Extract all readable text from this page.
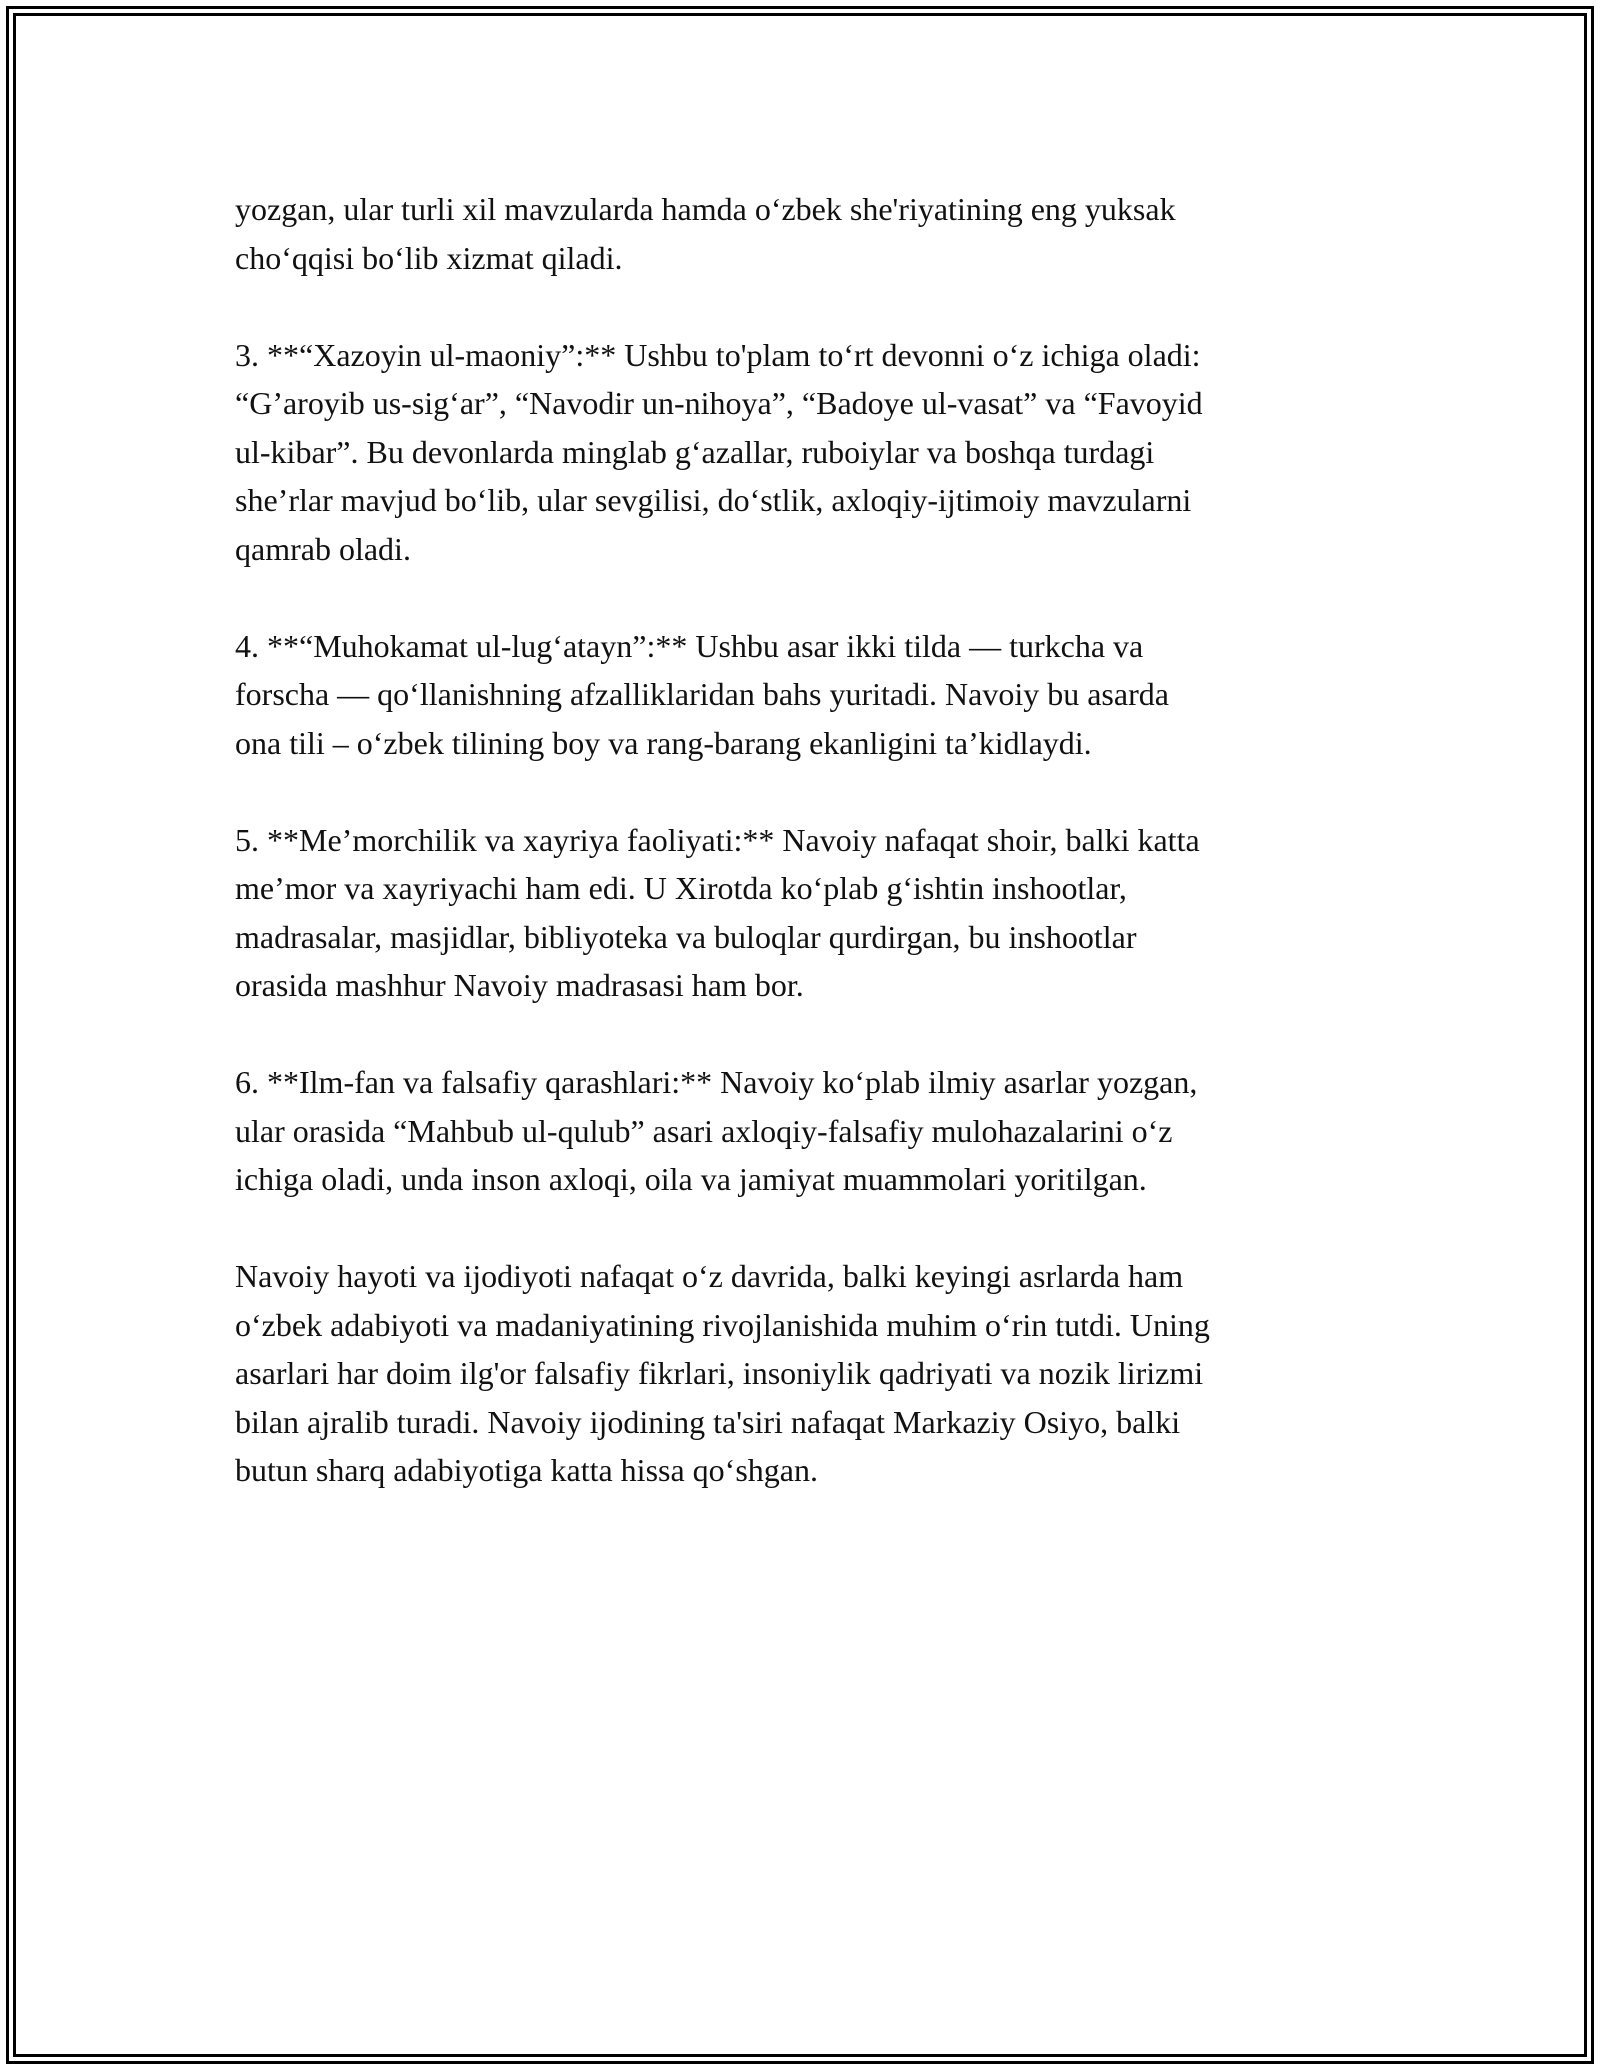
yozgan, ular turli xil mavzularda hamda o‘zbek she'riyatining eng yuksak
cho‘qqisi bo‘lib xizmat qiladi.

3. **“Xazoyin ul-maoniy”:** Ushbu to'plam to‘rt devonni o‘z ichiga oladi:
“G’aroyib us-sig‘ar”, “Navodir un-nihoya”, “Badoye ul-vasat” va “Favoyid
ul-kibar”. Bu devonlarda minglab g‘azallar, ruboiylar va boshqa turdagi
she’rlar mavjud bo‘lib, ular sevgilisi, do‘stlik, axloqiy-ijtimoiy mavzularni
qamrab oladi.

4. **“Muhokamat ul-lug‘atayn”:** Ushbu asar ikki tilda — turkcha va
forscha — qo‘llanishning afzalliklaridan bahs yuritadi. Navoiy bu asarda
ona tili – o‘zbek tilining boy va rang-barang ekanligini ta’kidlaydi.

5. **Me’morchilik va xayriya faoliyati:** Navoiy nafaqat shoir, balki katta
me’mor va xayriyachi ham edi. U Xirotda ko‘plab g‘ishtin inshootlar,
madrasalar, masjidlar, bibliyoteka va buloqlar qurdirgan, bu inshootlar
orasida mashhur Navoiy madrasasi ham bor.

6. **Ilm-fan va falsafiy qarashlari:** Navoiy ko‘plab ilmiy asarlar yozgan,
ular orasida “Mahbub ul-qulub” asari axloqiy-falsafiy mulohazalarini o‘z
ichiga oladi, unda inson axloqi, oila va jamiyat muammolari yoritilgan.

Navoiy hayoti va ijodiyoti nafaqat o‘z davrida, balki keyingi asrlarda ham
o‘zbek adabiyoti va madaniyatining rivojlanishida muhim o‘rin tutdi. Uning
asarlari har doim ilg'or falsafiy fikrlari, insoniylik qadriyati va nozik lirizmi
bilan ajralib turadi. Navoiy ijodining ta'siri nafaqat Markaziy Osiyo, balki
butun sharq adabiyotiga katta hissa qo‘shgan.
